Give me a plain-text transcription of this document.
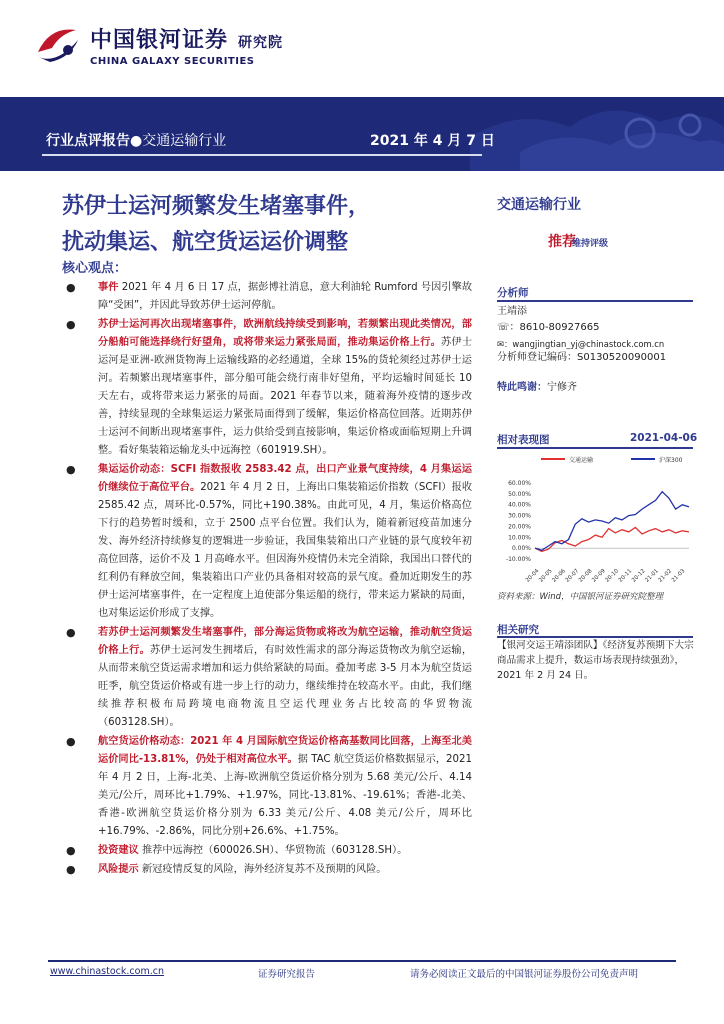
中国银河证券 研究院
CHINA GALAXY SECURITIES
行业点评报告●交通运输行业	2021 年 4 月 7 日
苏伊士运河频繁发生堵塞事件，
扰动集运、航空货运运价调整
核心观点：
● 事件 2021 年 4 月 6 日 17 点，据彭博社消息，意大利油轮 Rumford 号因引擎故障“受困”，并因此导致苏伊士运河停航。
● 苏伊士运河再次出现堵塞事件，欧洲航线持续受到影响，若频繁出现此类情况，部分船舶可能选择绕行好望角，或将带来运力紧张局面，推动集运价格上行。苏伊士运河是亚洲-欧洲货物海上运输线路的必经通道，全球 15%的货轮须经过苏伊士运河。若频繁出现堵塞事件，部分船可能会绕行南非好望角，平均运输时间延长 10 天左右，或将带来运力紧张的局面。2021 年春节以来，随着海外疫情的逐步改善，持续显现的全球集运运力紧张局面得到了缓解，集运价格高位回落。近期苏伊士运河不间断出现堵塞事件，运力供给受到直接影响，集运价格或面临短期上升调整。看好集装箱运输龙头中远海控（601919.SH）。
● 集运运价动态：SCFI 指数报收 2583.42 点，出口产业景气度持续，4 月集运运价继续位于高位平台。2021 年 4 月 2 日，上海出口集装箱运价指数（SCFI）报收 2585.42 点，周环比-0.57%，同比+190.38%。由此可见，4 月，集运价格高位下行的趋势暂时缓和，立于 2500 点平台位置。我们认为，随着新冠疫苗加速分发、海外经济持续修复的逻辑进一步验证，我国集装箱出口产业链的景气度较年初高位回落，运价不及 1 月高峰水平。但因海外疫情仍未完全消除，我国出口替代的红利仍有释放空间，集装箱出口产业仍具备相对较高的景气度。叠加近期发生的苏伊士运河堵塞事件，在一定程度上迫使部分集运船的绕行，带来运力紧缺的局面，也对集运运价形成了支撑。
● 若苏伊士运河频繁发生堵塞事件，部分海运货物或将改为航空运输，推动航空货运价格上行。苏伊士运河发生拥堵后，有时效性需求的部分海运货物改为航空运输，从而带来航空货运需求增加和运力供给紧缺的局面。叠加考虑 3-5 月本为航空货运旺季，航空货运价格或有进一步上行的动力，继续维持在较高水平。由此，我们继续推荐积极布局跨境电商物流且空运代理业务占比较高的华贸物流（603128.SH）。
● 航空货运价格动态：2021 年 4 月国际航空货运价格高基数同比回落，上海至北美运价同比-13.81%，仍处于相对高位水平。据 TAC 航空货运价格数据显示，2021 年 4 月 2 日，上海-北美、上海-欧洲航空货运价格分别为 5.68 美元/公斤、4.14 美元/公斤，周环比+1.79%、+1.97%，同比-13.81%、-19.61%；香港-北美、香港-欧洲航空货运价格分别为 6.33 美元/公斤、4.08 美元/公斤，周环比+16.79%、-2.86%，同比分别+26.6%、+1.75%。
● 投资建议 推荐中远海控（600026.SH）、华贸物流（603128.SH）。
● 风险提示 新冠疫情反复的风险，海外经济复苏不及预期的风险。
交通运输行业
推荐
维持评级
分析师
王靖添
☏：8610-80927665
✉：wangjingtian_yj@chinastock.com.cn
分析师登记编码：S0130520090001
特此鸣谢：宁修齐
相对表现图	2021-04-06
交通运输	沪深300
60.00%
50.00%
40.00%
30.00%
20.00%
10.00%
0.00%
-10.00%
20-04
20-05
20-06
20-07
20-08
20-09
20-10
20-11
20-12
21-01
21-02
21-03
资料来源：Wind，中国银河证券研究院整理
相关研究
【银河交运王靖添团队】《经济复苏预期下大宗商品需求上提升，数运市场表现持续强劲》，2021 年 2 月 24 日。
www.chinastock.com.cn	证券研究报告	请务必阅读正文最后的中国银河证券股份公司免责声明
